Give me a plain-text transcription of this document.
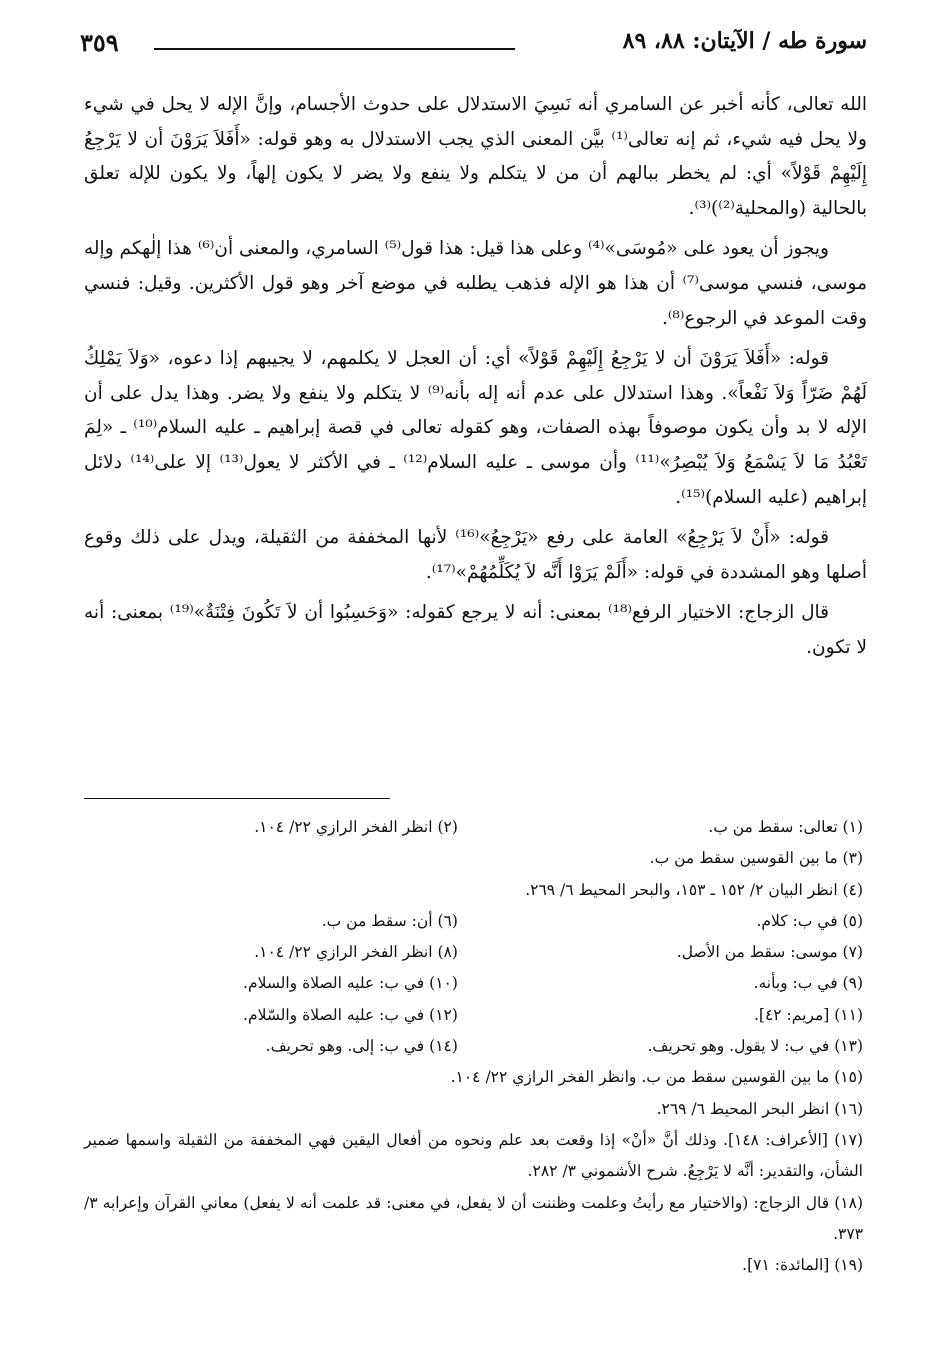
سورة طه / الآيتان: ٨٨، ٨٩
٣٥٩

الله تعالى، كأنه أخبر عن السامري أنه نَسِيَ الاستدلال على حدوث الأجسام، وإنَّ الإله لا يحل في شيء ولا يحل فيه شيء، ثم إنه تعالى⁽¹⁾ بيَّن المعنى الذي يجب الاستدلال به وهو قوله: «أَفَلاَ يَرَوْنَ أن لا يَرْجِعُ إِلَيْهِمْ قَوْلاً» أي: لم يخطر ببالهم أن من لا يتكلم ولا ينفع ولا يضر لا يكون إلهاً، ولا يكون للإله تعلق بالحالية (والمحلية⁽²⁾)⁽³⁾.

ويجوز أن يعود على «مُوسَى»⁽⁴⁾ وعلى هذا قيل: هذا قول⁽⁵⁾ السامري، والمعنى أن⁽⁶⁾ هذا إلٰهكم وإله موسى، فنسي موسى⁽⁷⁾ أن هذا هو الإله فذهب يطلبه في موضع آخر وهو قول الأكثرين. وقيل: فنسي وقت الموعد في الرجوع⁽⁸⁾.

قوله: «أَفَلاَ يَرَوْنَ أن لا يَرْجِعُ إِلَيْهِمْ قَوْلاً» أي: أن العجل لا يكلمهم، لا يجيبهم إذا دعوه، «وَلاَ يَمْلِكُ لَهُمْ ضَرّاً وَلاَ نَفْعاً». وهذا استدلال على عدم أنه إله بأنه⁽⁹⁾ لا يتكلم ولا ينفع ولا يضر. وهذا يدل على أن الإله لا بد وأن يكون موصوفاً بهذه الصفات، وهو كقوله تعالى في قصة إبراهيم ـ عليه السلام⁽¹⁰⁾ ـ «لِمَ تَعْبُدُ مَا لاَ يَسْمَعُ وَلاَ يُبْصِرُ»⁽¹¹⁾ وأن موسى ـ عليه السلام⁽¹²⁾ ـ في الأكثر لا يعول⁽¹³⁾ إلا على⁽¹⁴⁾ دلائل إبراهيم (عليه السلام)⁽¹⁵⁾.

قوله: «أَنْ لاَ يَرْجِعُ» العامة على رفع «يَرْجِعُ»⁽¹⁶⁾ لأنها المخففة من الثقيلة، ويدل على ذلك وقوع أصلها وهو المشددة في قوله: «أَلَمْ يَرَوْا أَنَّه لاَ يُكَلِّمُهُمْ»⁽¹⁷⁾.

قال الزجاج: الاختيار الرفع⁽¹⁸⁾ بمعنى: أنه لا يرجع كقوله: «وَحَسِبُوا أن لاَ تَكُونَ فِتْنَةٌ»⁽¹⁹⁾ بمعنى: أنه لا تكون.

(١) تعالى: سقط من ب.
(٢) انظر الفخر الرازي ٢٢/ ١٠٤.
(٣) ما بين القوسين سقط من ب.
(٤) انظر البيان ٢/ ١٥٢ ـ ١٥٣، والبحر المحيط ٦/ ٢٦٩.
(٥) في ب: كلام.
(٦) أن: سقط من ب.
(٧) موسى: سقط من الأصل.
(٨) انظر الفخر الرازي ٢٢/ ١٠٤.
(٩) في ب: وبأنه.
(١٠) في ب: عليه الصلاة والسلام.
(١١) [مريم: ٤٢].
(١٢) في ب: عليه الصلاة والسّلام.
(١٣) في ب: لا يقول. وهو تحريف.
(١٤) في ب: إلى. وهو تحريف.
(١٥) ما بين القوسين سقط من ب. وانظر الفخر الرازي ٢٢/ ١٠٤.
(١٦) انظر البحر المحيط ٦/ ٢٦٩.
(١٧) [الأعراف: ١٤٨]. وذلك أنَّ «أنْ» إذا وقعت بعد علم ونحوه من أفعال اليقين فهي المخففة من الثقيلة واسمها ضمير الشأن، والتقدير: أنَّه لا يَرْجِعُ. شرح الأشموني ٣/ ٢٨٢.
(١٨) قال الزجاج: (والاختيار مع رأيتُ وعلمت وظننت أن لا يفعل، في معنى: قد علمت أنه لا يفعل) معاني القرآن وإعرابه ٣/ ٣٧٣.
(١٩) [المائدة: ٧١].
